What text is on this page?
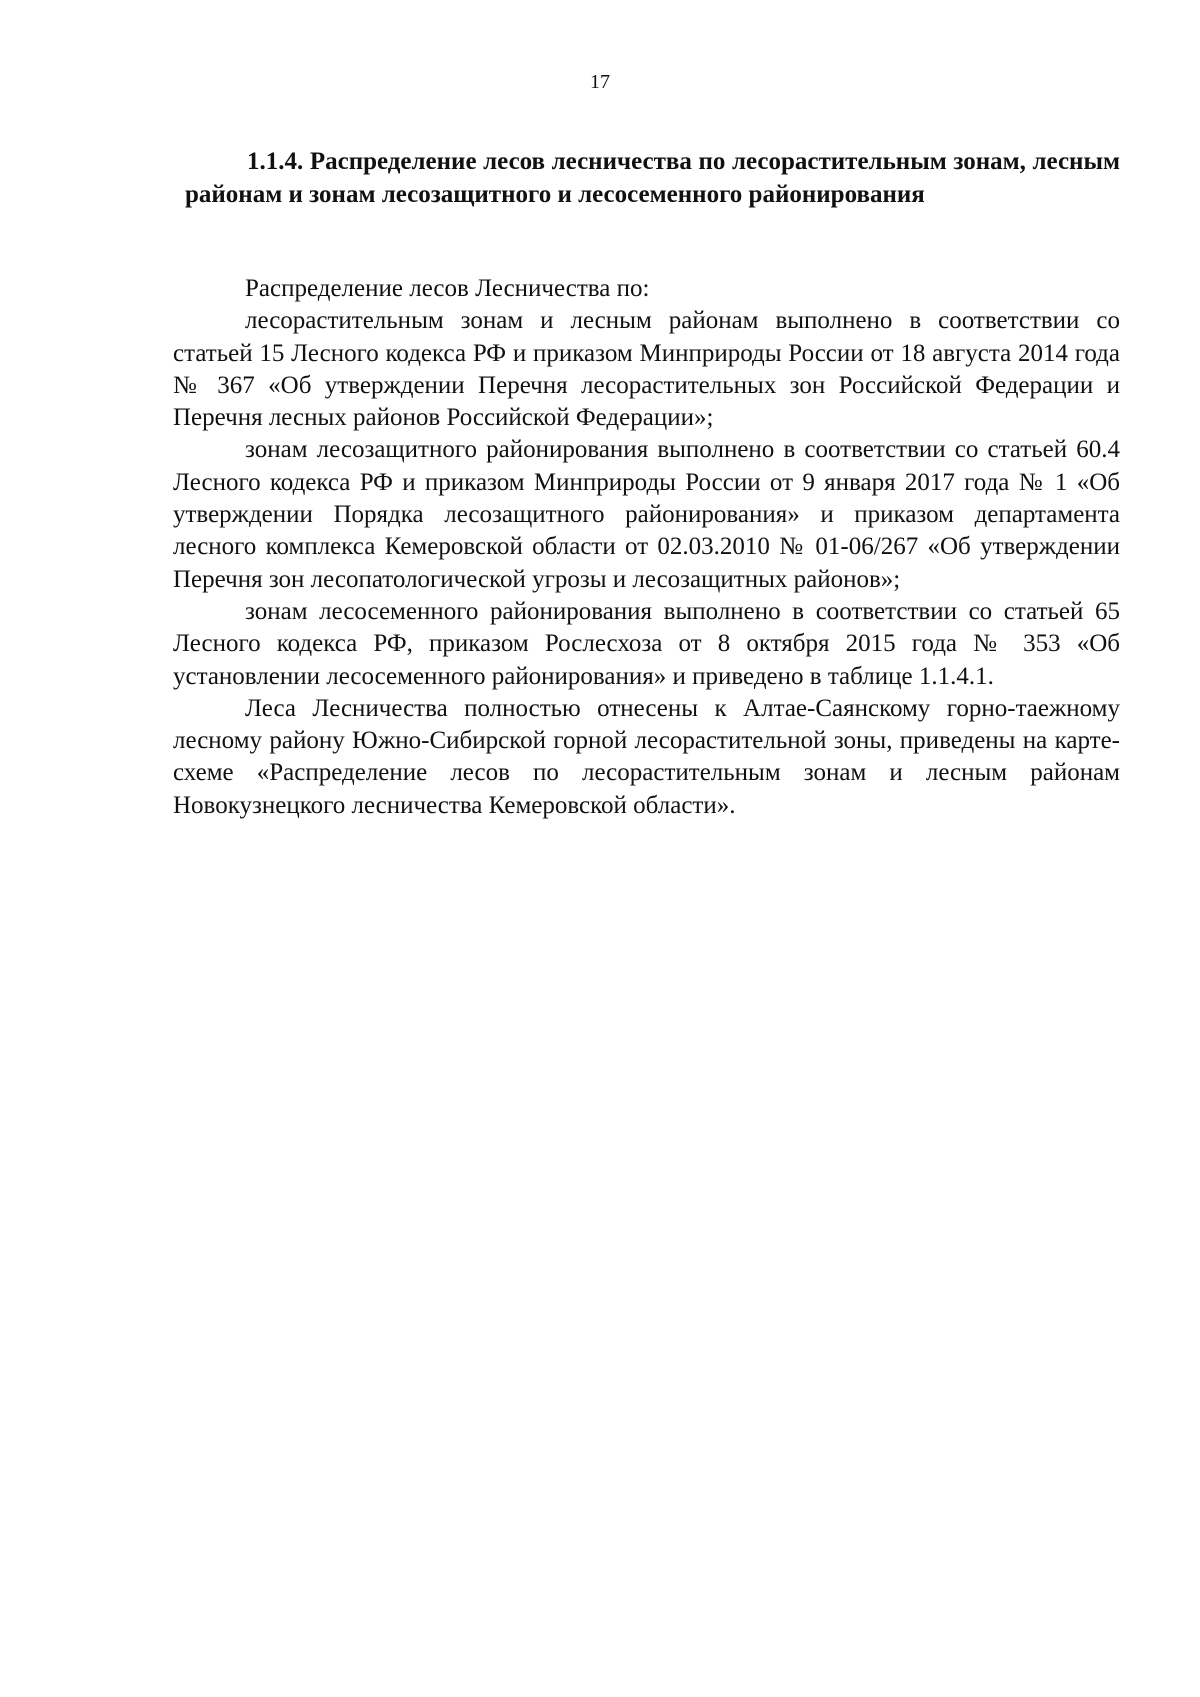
17
1.1.4. Распределение лесов лесничества по лесорастительным зонам, лесным районам и зонам лесозащитного и лесосеменного районирования

Распределение лесов Лесничества по:

лесорастительным зонам и лесным районам выполнено в соответствии со статьей 15 Лесного кодекса РФ и приказом Минприроды России от 18 августа 2014 года № 367 «Об утверждении Перечня лесорастительных зон Российской Федерации и Перечня лесных районов Российской Федерации»;

зонам лесозащитного районирования выполнено в соответствии со статьей 60.4 Лесного кодекса РФ и приказом Минприроды России от 9 января 2017 года № 1 «Об утверждении Порядка лесозащитного районирования» и приказом департамента лесного комплекса Кемеровской области от 02.03.2010 № 01-06/267 «Об утверждении Перечня зон лесопатологической угрозы и лесозащитных районов»;

зонам лесосеменного районирования выполнено в соответствии со статьей 65 Лесного кодекса РФ, приказом Рослесхоза от 8 октября 2015 года № 353 «Об установлении лесосеменного районирования» и приведено в таблице 1.1.4.1.

Леса Лесничества полностью отнесены к Алтае-Саянскому горно-таежному лесному району Южно-Сибирской горной лесорастительной зоны, приведены на карте-схеме «Распределение лесов по лесорастительным зонам и лесным районам Новокузнецкого лесничества Кемеровской области».
